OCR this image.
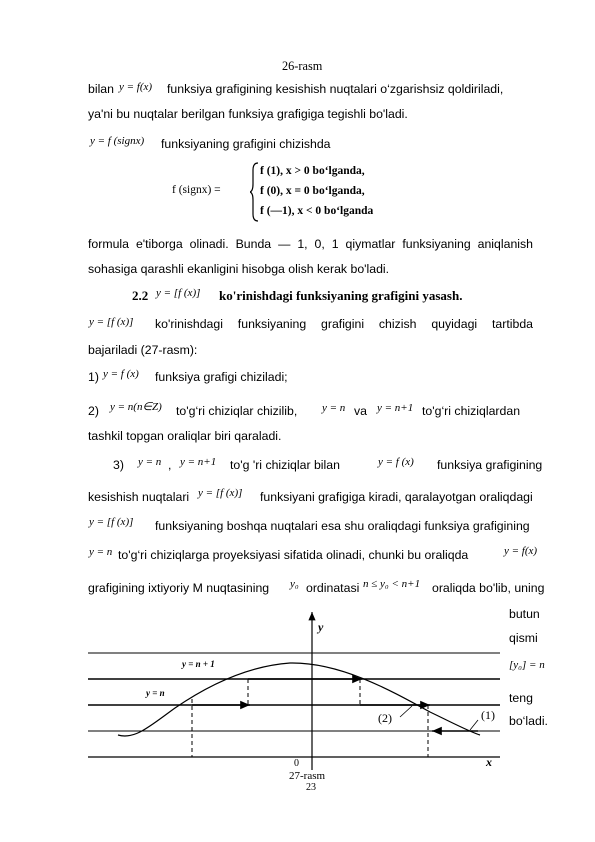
26-rasm
bilan y = f(x) funksiya grafigining kesishish nuqtalari o‘zgarishsiz qoldiriladi,
ya'ni bu nuqtalar berilgan funksiya grafigiga tegishli bo'ladi.
y = f (signx) funksiyaning grafigini chizishda
f (signx) =
f (1), x > 0 bo‘lganda,
f (0), x = 0 bo‘lganda,
f (—1), x < 0 bo‘lganda
formula e'tiborga olinadi. Bunda — 1, 0, 1 qiymatlar funksiyaning aniqlanish
sohasiga qarashli ekanligini hisobga olish kerak bo'ladi.
2.2 y = [f (x)] ko'rinishdagi funksiyaning grafigini yasash.
y = [f (x)] ko'rinishdagi funksiyaning grafigini chizish quyidagi tartibda
bajariladi (27-rasm):
1) y = f (x) funksiya grafigi chiziladi;
2) y = n(n∈Z) to'g‘ri chiziqlar chizilib, y = n va y = n+1 to'g‘ri chiziqlardan
tashkil topgan oraliqlar biri qaraladi.
3) y = n , y = n+1 to'g 'ri chiziqlar bilan	y = f (x) funksiya grafigining
kesishish nuqtalari y = [f (x)] funksiyani grafigiga kiradi, qaralayotgan oraliqdagi
y = [f (x)] funksiyaning boshqa nuqtalari esa shu oraliqdagi funksiya grafigining
y = n to'g‘ri chiziqlarga proyeksiyasi sifatida olinadi, chunki bu oraliqda	y = f(x)
grafigining ixtiyoriy M nuqtasining y₀ ordinatasi n ≤ y₀ < n+1 oraliqda bo'lib, uning
butun
qismi
[y₀] = n
teng
bo‘ladi.
y = n + 1
y = n
(2)	(1)
y
x
0
27-rasm
23
